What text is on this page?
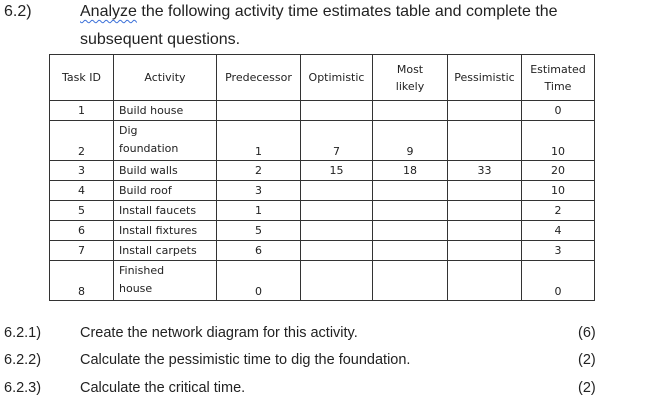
6.2)	Analyze the following activity time estimates table and complete the
subsequent questions.
Task ID	Activity	Predecessor	Optimistic	Most
likely	Pessimistic	Estimated
Time
1	Build house					0
2	Dig
foundation	1	7	9		10
3	Build walls	2	15	18	33	20
4	Build roof	3				10
5	Install faucets	1				2
6	Install fixtures	5				4
7	Install carpets	6				3
8	Finished
house	0				0
6.2.1)	Create the network diagram for this activity.	(6)
6.2.2)	Calculate the pessimistic time to dig the foundation.	(2)
6.2.3)	Calculate the critical time.	(2)
